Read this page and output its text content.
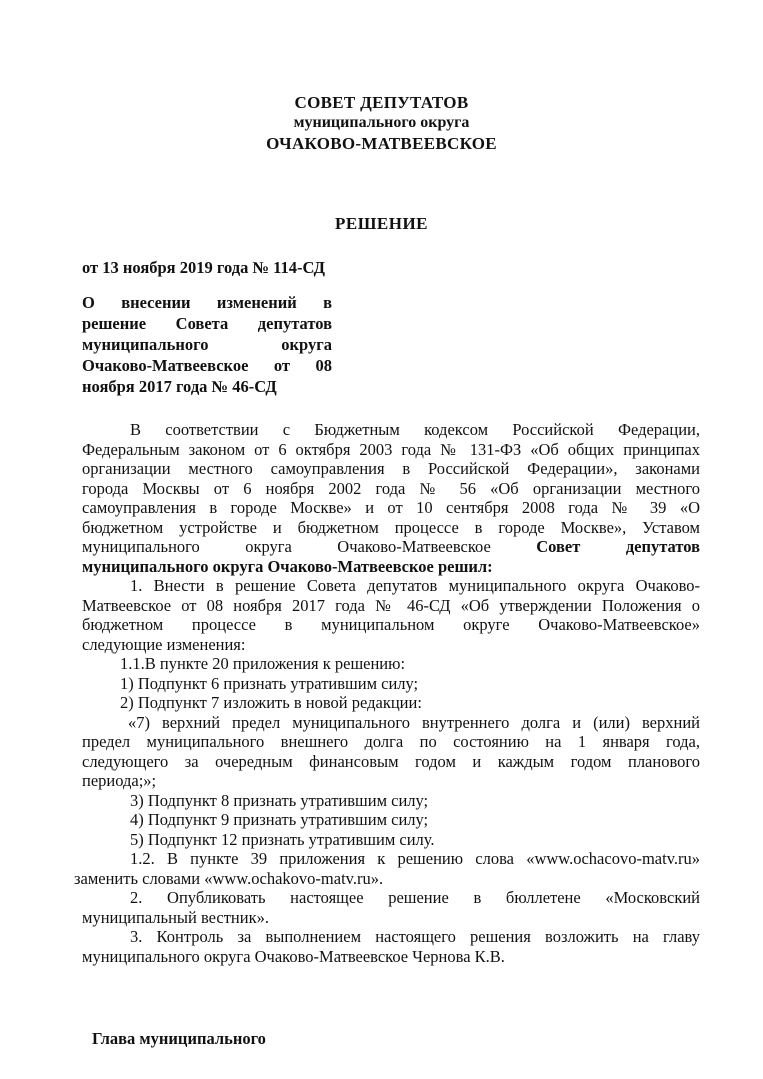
СОВЕТ ДЕПУТАТОВ
муниципального округа
ОЧАКОВО-МАТВЕЕВСКОЕ
РЕШЕНИЕ
от 13 ноября 2019 года № 114-СД
О внесении изменений в
решение Совета депутатов
муниципального округа
Очаково-Матвеевское от 08
ноября 2017 года № 46-СД

В соответствии с Бюджетным кодексом Российской Федерации,

Федеральным законом от 6 октября 2003 года № 131-ФЗ «Об общих принципах

организации местного самоуправления в Российской Федерации», законами

города Москвы от 6 ноября 2002 года № 56 «Об организации местного

самоуправления в городе Москве» и от 10 сентября 2008 года № 39 «О

бюджетном устройстве и бюджетном процессе в городе Москве», Уставом

муниципального округа Очаково-Матвеевское	Совет депутатов

муниципального округа Очаково-Матвеевское решил:

1. Внести в решение Совета депутатов муниципального округа Очаково-

Матвеевское от 08 ноября 2017 года № 46-СД «Об утверждении Положения о

бюджетном процессе в муниципальном округе Очаково-Матвеевское»

следующие изменения:

1.1.В пункте 20 приложения к решению:

1) Подпункт 6 признать утратившим силу;

2) Подпункт 7 изложить в новой редакции:

«7) верхний предел муниципального внутреннего долга и (или) верхний

предел муниципального внешнего долга по состоянию на 1 января года,

следующего за очередным финансовым годом и каждым годом планового

периода;»;

3) Подпункт 8 признать утратившим силу;

4) Подпункт 9 признать утратившим силу;

5) Подпункт 12 признать утратившим силу.

1.2. В пункте 39 приложения к решению слова «www.ochacovo-matv.ru»

заменить словами «www.ochakovo-matv.ru».

2. Опубликовать настоящее решение в бюллетене «Московский

муниципальный вестник».

3. Контроль за выполнением настоящего решения возложить на главу

муниципального округа Очаково-Матвеевское Чернова К.В.

Глава муниципального
